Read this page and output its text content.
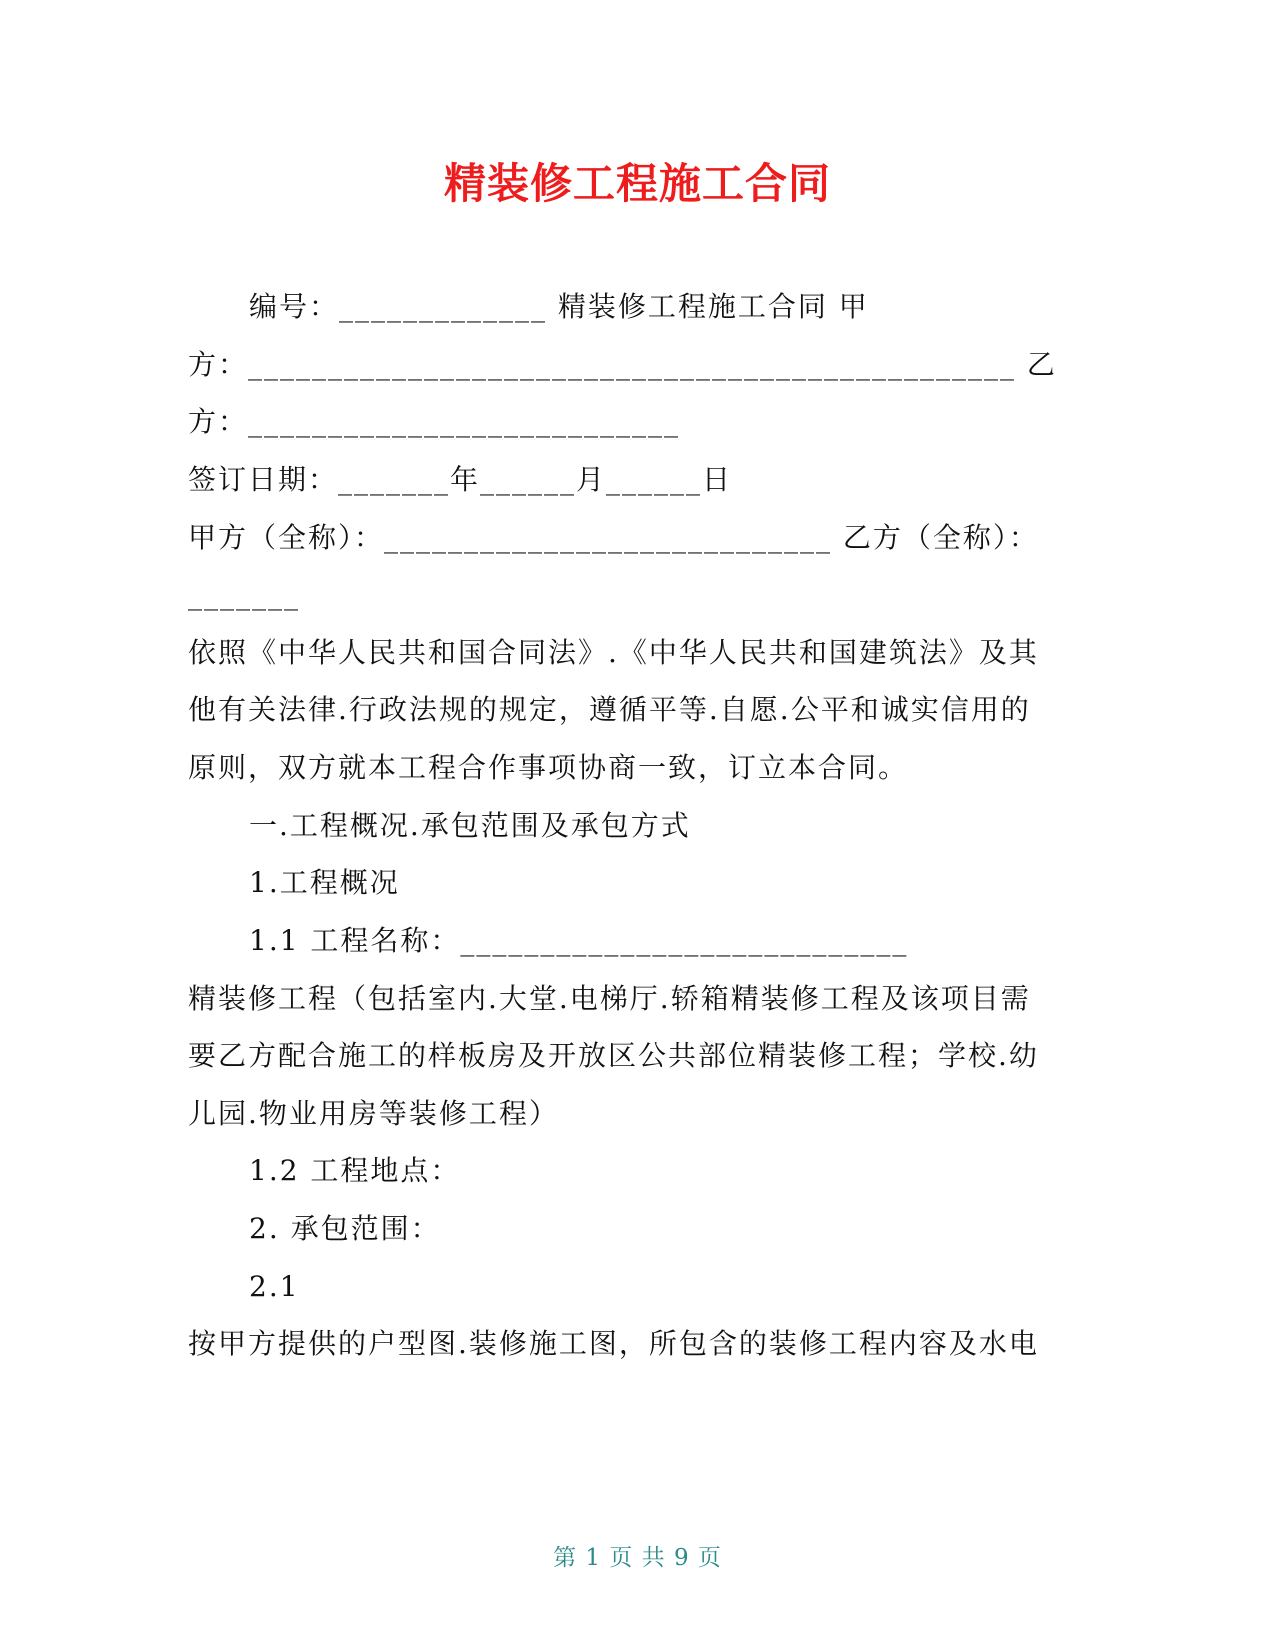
精装修工程施工合同
编号：_____________ 精装修工程施工合同 甲
方：________________________________________________ 乙
方：___________________________
签订日期：_______年______月______日
甲方（全称）：____________________________ 乙方（全称）：
_______
依照《中华人民共和国合同法》.《中华人民共和国建筑法》及其
他有关法律.行政法规的规定，遵循平等.自愿.公平和诚实信用的
原则，双方就本工程合作事项协商一致，订立本合同。
一.工程概况.承包范围及承包方式
1.工程概况
1.1 工程名称：____________________________
精装修工程（包括室内.大堂.电梯厅.轿箱精装修工程及该项目需
要乙方配合施工的样板房及开放区公共部位精装修工程；学校.幼
儿园.物业用房等装修工程）
1.2 工程地点：
2. 承包范围：
2.1
按甲方提供的户型图.装修施工图，所包含的装修工程内容及水电
第 1 页 共 9 页
